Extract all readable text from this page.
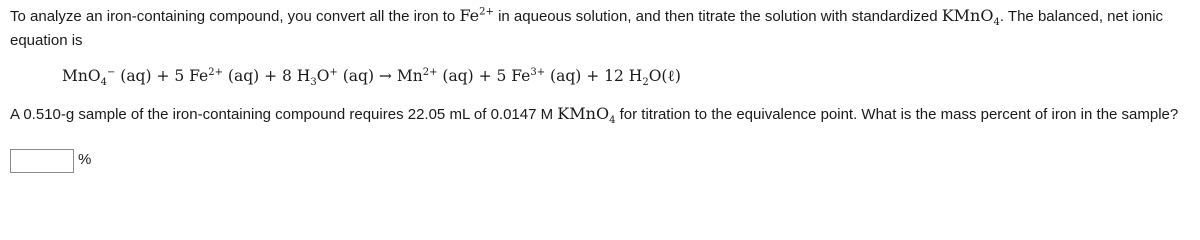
To analyze an iron-containing compound, you convert all the iron to $Fe^{2+}$ in aqueous solution, and then titrate the solution with standardized KMnO$_4$. The balanced, net ionic equation is

MnO$_4$− (aq) + 5 $Fe^{2+}$ (aq) + 8 $H_3O^+$ $(aq) \to Mn^{2+}$ (aq) + 5 $Fe^{3+}$ (aq) + 12 $H_2O(\ell)$

A 0.510-g sample of the iron-containing compound requires 22.05 mL of 0.0147 M KMnO$_4$ for titration to the equivalence point. What is the mass percent of iron in the sample?

%
